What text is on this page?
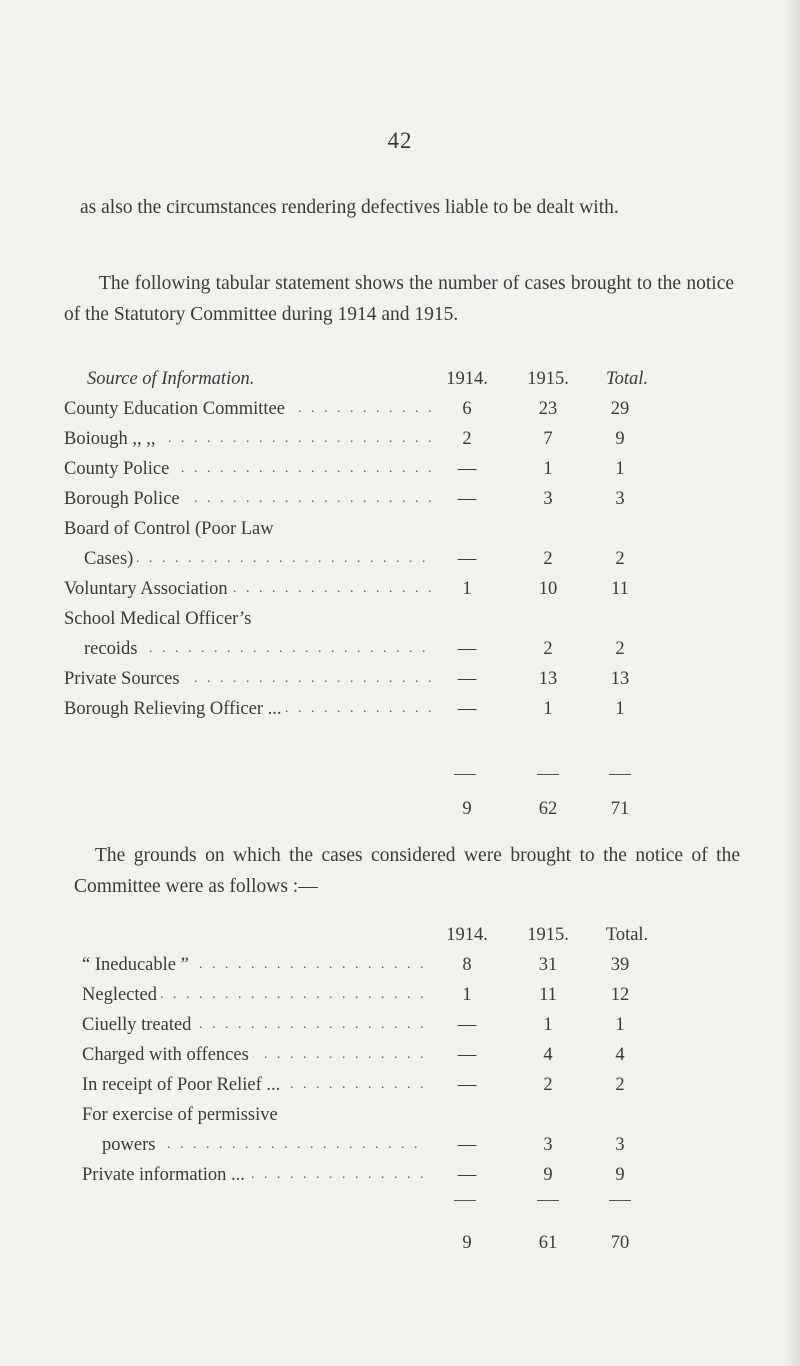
42

as also the circumstances rendering defectives liable to be dealt with.

The following tabular statement shows the number of cases brought to the notice of the Statutory Committee during 1914 and 1915.

Source of Information.	1914.	1915.	Total.
County Education Committee . . .	6	23	29
Boiough ,, ,, . . .	2	7	9
County Police . . .	—	1	1
Borough Police . . .	—	3	3
Board of Control (Poor Law
Cases) . . .	—	2	2
Voluntary Association . . .	1	10	11
School Medical Officer’s
recoids . . .	—	2	2
Private Sources . . .	—	13	13
Borough Relieving Officer ... . . .	—	1	1
9	62	71

The grounds on which the cases considered were brought to the notice of the Committee were as follows :—

1914.	1915.	Total.
“ Ineducable ” . . .	8	31	39
Neglected . . .	1	11	12
Ciuelly treated . . .	—	1	1
Charged with offences . . .	—	4	4
In receipt of Poor Relief ... . . .	—	2	2
For exercise of permissive
powers . . .	—	3	3
Private information ... . . .	—	9	9
9	61	70
